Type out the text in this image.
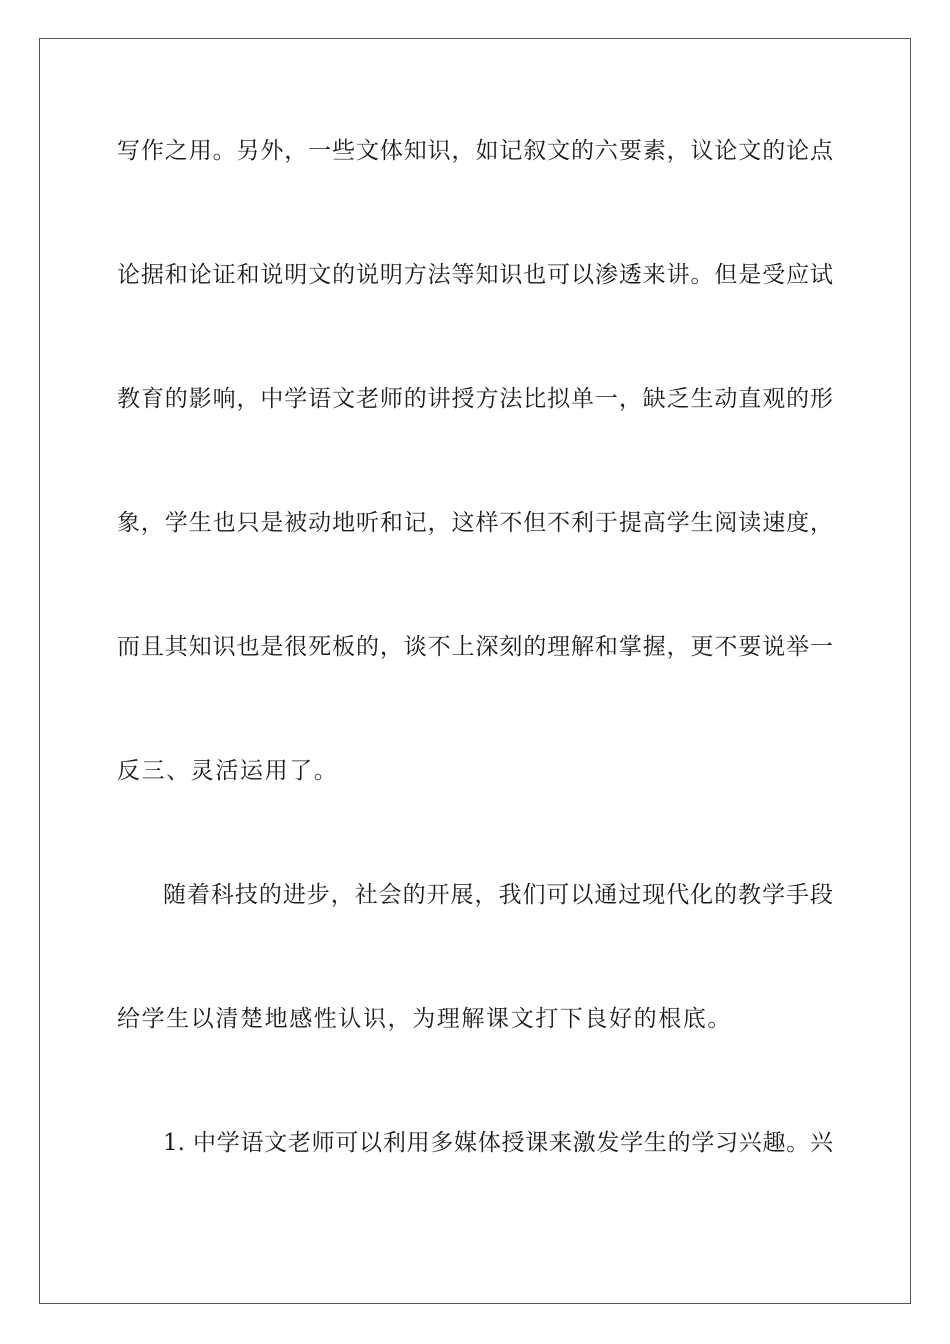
写作之用。另外，一些文体知识，如记叙文的六要素，议论文的论点
论据和论证和说明文的说明方法等知识也可以渗透来讲。但是受应试
教育的影响，中学语文老师的讲授方法比拟单一，缺乏生动直观的形
象，学生也只是被动地听和记，这样不但不利于提高学生阅读速度，
而且其知识也是很死板的，谈不上深刻的理解和掌握，更不要说举一
反三、灵活运用了。
随着科技的进步，社会的开展，我们可以通过现代化的教学手段
给学生以清楚地感性认识，为理解课文打下良好的根底。
1. 中学语文老师可以利用多媒体授课来激发学生的学习兴趣。兴
